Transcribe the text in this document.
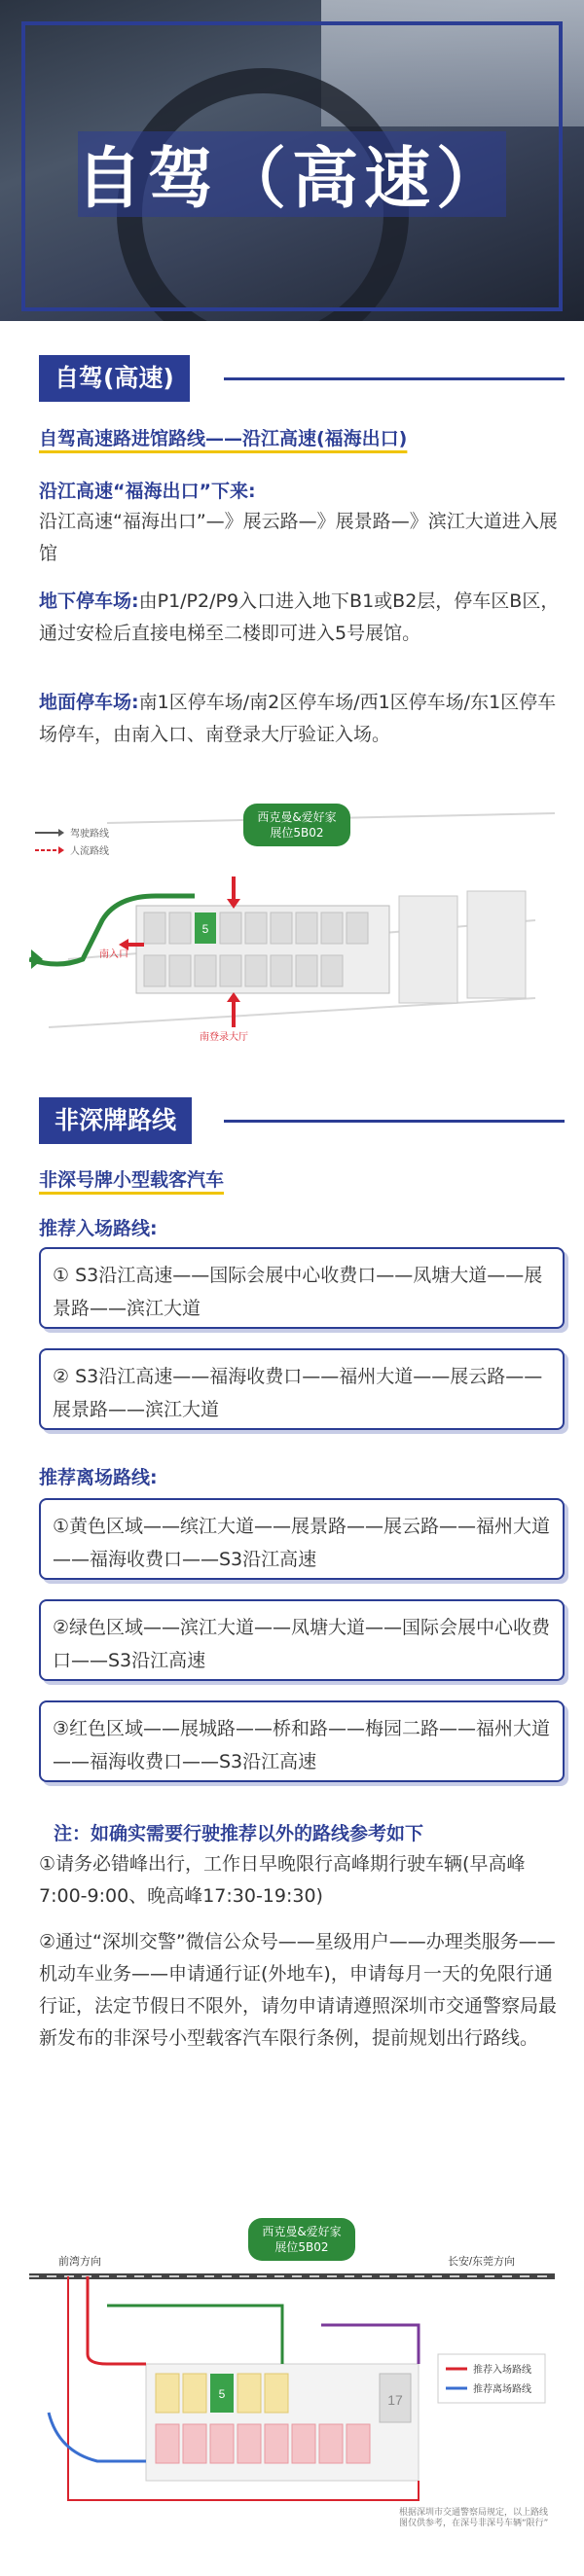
自驾（高速）
自驾(高速)
自驾高速路进馆路线——沿江高速(福海出口)
沿江高速“福海出口”下来:
沿江高速“福海出口”—》展云路—》展景路—》滨江大道进入展馆
地下停车场:由P1/P2/P9入口进入地下B1或B2层，停车区B区，通过安检后直接电梯至二楼即可进入5号展馆。
地面停车场:南1区停车场/南2区停车场/西1区停车场/东1区停车场停车，由南入口、南登录大厅验证入场。
5
驾驶路线
人流路线
南入口
南登录大厅
西克曼&爱好家
展位5B02
非深牌路线
非深号牌小型载客汽车
推荐入场路线:
① S3沿江高速——国际会展中心收费口——凤塘大道——展景路——滨江大道
② S3沿江高速——福海收费口——福州大道——展云路——展景路——滨江大道
推荐离场路线:
①黄色区域——缤江大道——展景路——展云路——福州大道——福海收费口——S3沿江高速
②绿色区域——滨江大道——凤塘大道——国际会展中心收费口——S3沿江高速
③红色区域——展城路——桥和路——梅园二路——福州大道——福海收费口——S3沿江高速
注：如确实需要行驶推荐以外的路线参考如下
①请务必错峰出行，工作日早晚限行高峰期行驶车辆(早高峰7:00-9:00、晚高峰17:30-19:30)
②通过“深圳交警”微信公众号——星级用户——办理类服务——机动车业务——申请通行证(外地车)，申请每月一天的免限行通行证，法定节假日不限外，请勿申请请遵照深圳市交通警察局最新发布的非深号小型载客汽车限行条例，提前规划出行路线。
前湾方向	长安/东莞方向
5	17
推荐入场路线
推荐离场路线
西克曼&爱好家
展位5B02
根据深圳市交通警察局规定，以上路线图仅供参考，在深号非深号车辆“限行”
